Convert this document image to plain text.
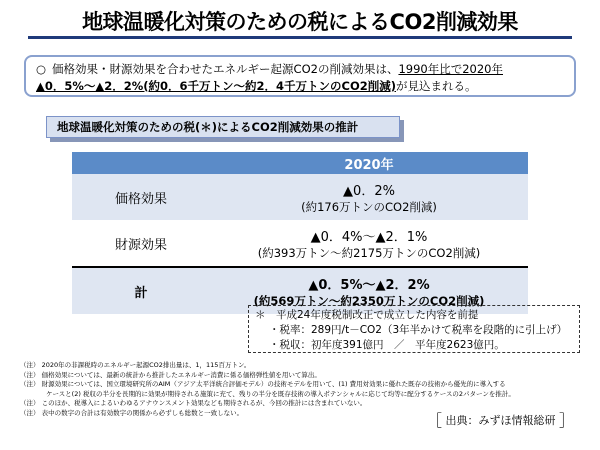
地球温暖化対策のための税によるCO2削減効果
○ 価格効果・財源効果を合わせたエネルギー起源CO2の削減効果は、1990年比で2020年
▲0．5%～▲2．2%(約0．6千万トン～約2．4千万トンのCO2削減)が見込まれる。
地球温暖化対策のための税(＊)によるCO2削減効果の推計
	2020年
価格効果	▲0．2%
(約176万トンのCO2削減)

財源効果	▲0．4%～▲2．1%
(約393万トン～約2175万トンのCO2削減)

計	▲0．5%～▲2．2%
(約569万トン～約2350万トンのCO2削減)
＊　平成24年度税制改正で成立した内容を前提
・税率：289円/t－CO2（3年半かけて税率を段階的に引上げ）
・税収：初年度391億円　／　平年度2623億円。
（注） 2020年の非課税時のエネルギー起源CO2排出量は、1，115百万トン。
（注） 価格効果については、最新の統計から推計したエネルギー消費に係る価格弾性値を用いて算出。
（注） 財源効果については、国立環境研究所のAIM（アジア太平洋統合評価モデル）の技術モデルを用いて、(1) 費用対効果に優れた既存の技術から優先的に導入する
ケースと(2) 税収の半分を長期的に効果が期待される施策に充て、残りの半分を既存技術の導入ポテンシャルに応じて均等に配分するケースの2パターンを推計。
（注） このほか、税導入によるいわゆるアナウンスメント効果なども期待されるが、今回の推計には含まれていない。
（注） 表中の数字の合計は有効数字の関係から必ずしも総数と一致しない。	［ 出典：みずほ情報総研 ］
